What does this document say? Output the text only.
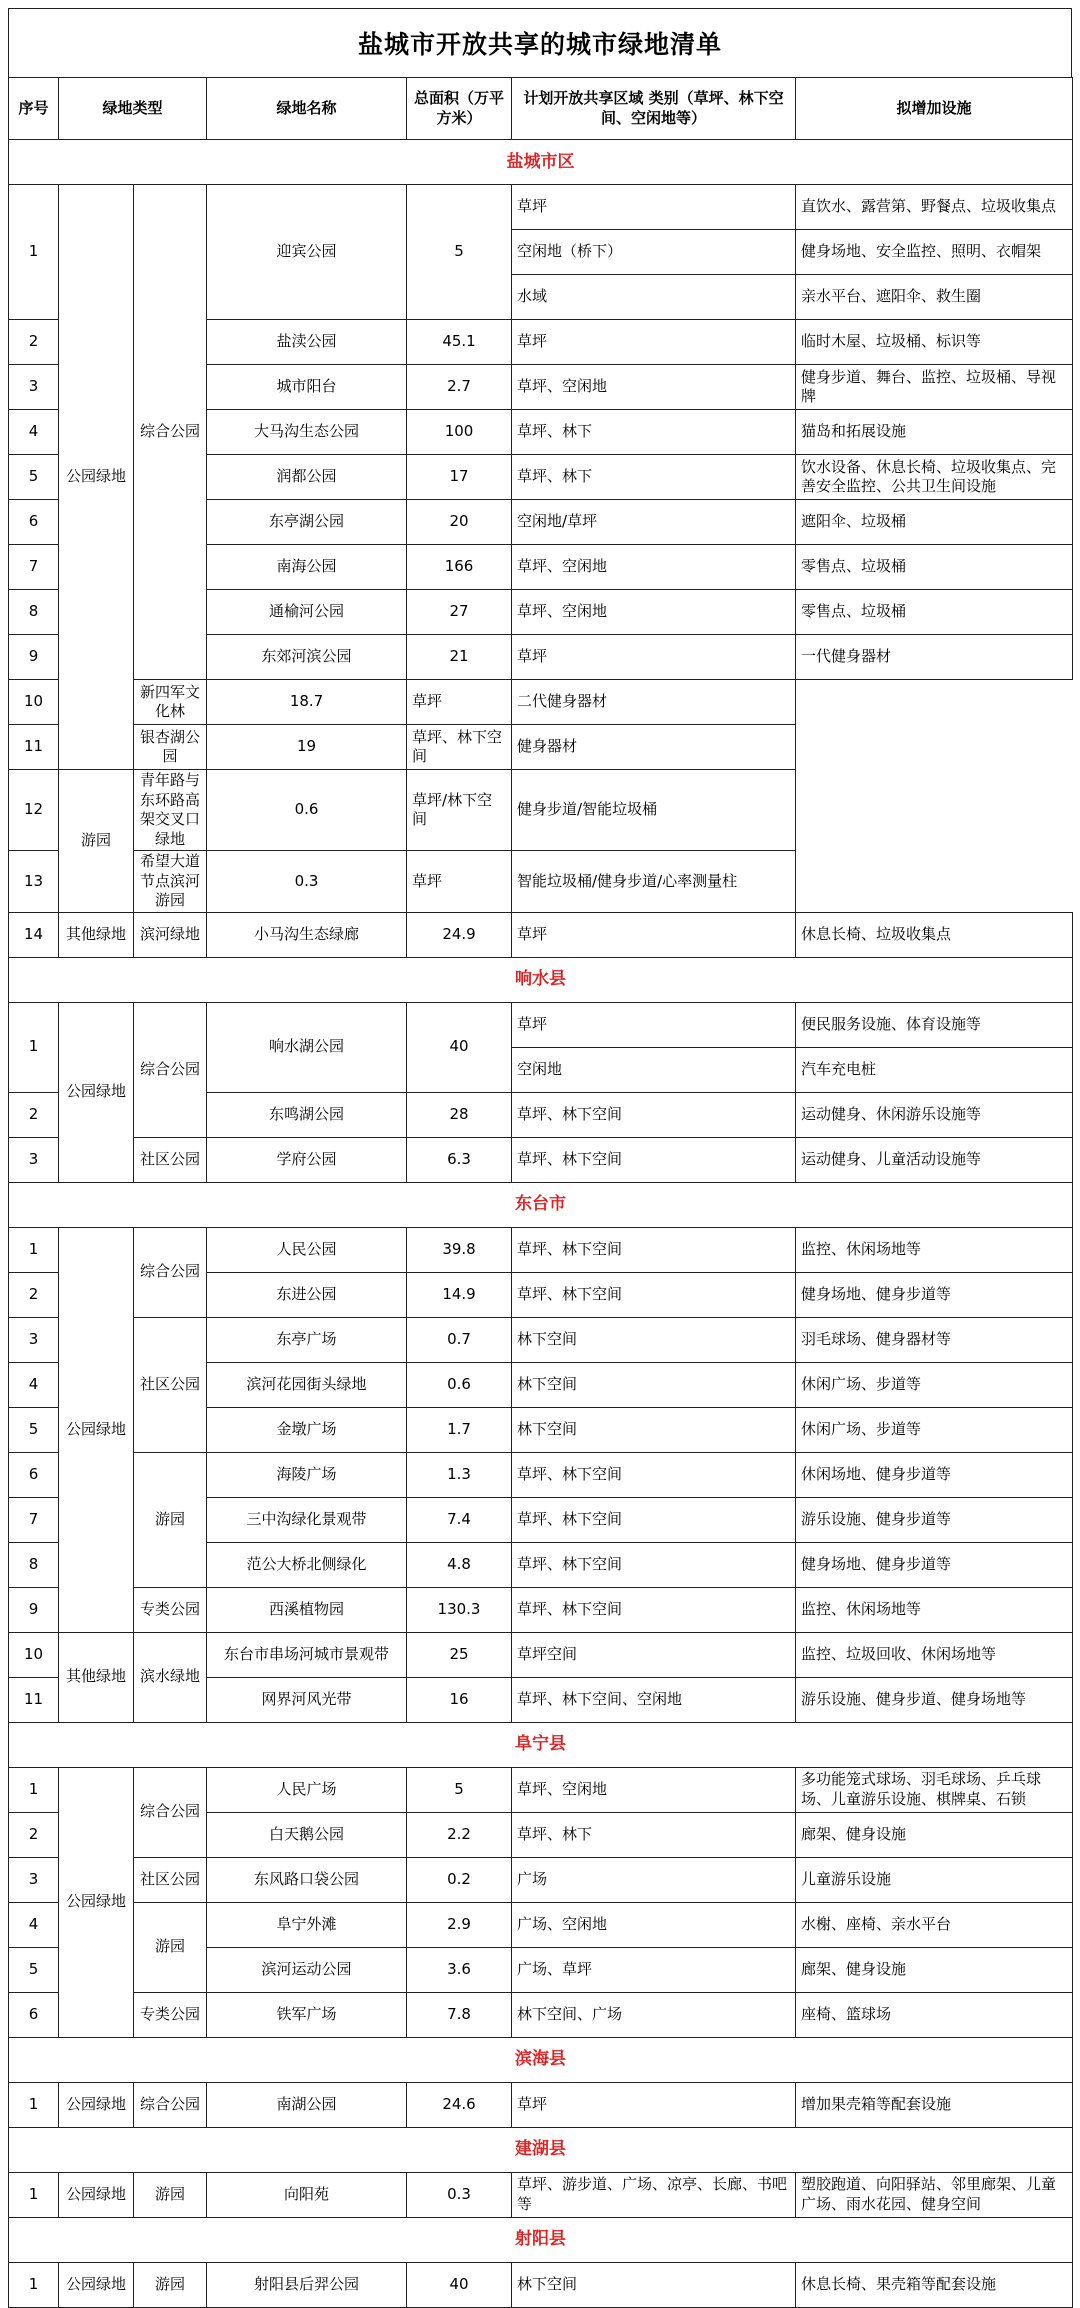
盐城市开放共享的城市绿地清单
序号	绿地类型		绿地名称	总面积（万平方米）	计划开放共享区域 类别（草坪、林下空间、空闲地等）	拟增加设施
盐城市区						
1	公园绿地	综合公园	迎宾公园	5	草坪	直饮水、露营第、野餐点、垃圾收集点
					空闲地（桥下）	健身场地、安全监控、照明、衣帽架
					水域	亲水平台、遮阳伞、救生圈
2			盐渎公园	45.1	草坪	临时木屋、垃圾桶、标识等
3			城市阳台	2.7	草坪、空闲地	健身步道、舞台、监控、垃圾桶、导视牌
4			大马沟生态公园	100	草坪、林下	猫岛和拓展设施
5			润都公园	17	草坪、林下	饮水设备、休息长椅、垃圾收集点、完善安全监控、公共卫生间设施
6			东亭湖公园	20	空闲地/草坪	遮阳伞、垃圾桶
7			南海公园	166	草坪、空闲地	零售点、垃圾桶
8			通榆河公园	27	草坪、空闲地	零售点、垃圾桶
9			东郊河滨公园	21	草坪	一代健身器材
10		新四军文化林	18.7	草坪	二代健身器材	
11		银杏湖公园	19	草坪、林下空间	健身器材	
12	游园	青年路与东环路高架交叉口绿地	0.6	草坪/林下空间	健身步道/智能垃圾桶	
13		希望大道节点滨河游园	0.3	草坪	智能垃圾桶/健身步道/心率测量柱	
14	其他绿地	滨河绿地	小马沟生态绿廊	24.9	草坪	休息长椅、垃圾收集点
响水县						
1	公园绿地	综合公园	响水湖公园	40	草坪	便民服务设施、体育设施等
					空闲地	汽车充电桩
2			东鸣湖公园	28	草坪、林下空间	运动健身、休闲游乐设施等
3		社区公园	学府公园	6.3	草坪、林下空间	运动健身、儿童活动设施等
东台市						
1	公园绿地	综合公园	人民公园	39.8	草坪、林下空间	监控、休闲场地等
2			东进公园	14.9	草坪、林下空间	健身场地、健身步道等
3		社区公园	东亭广场	0.7	林下空间	羽毛球场、健身器材等
4			滨河花园街头绿地	0.6	林下空间	休闲广场、步道等
5			金墩广场	1.7	林下空间	休闲广场、步道等
6		游园	海陵广场	1.3	草坪、林下空间	休闲场地、健身步道等
7			三中沟绿化景观带	7.4	草坪、林下空间	游乐设施、健身步道等
8			范公大桥北侧绿化	4.8	草坪、林下空间	健身场地、健身步道等
9		专类公园	西溪植物园	130.3	草坪、林下空间	监控、休闲场地等
10	其他绿地	滨水绿地	东台市串场河城市景观带	25	草坪空间	监控、垃圾回收、休闲场地等
11			网界河风光带	16	草坪、林下空间、空闲地	游乐设施、健身步道、健身场地等
阜宁县						
1	公园绿地	综合公园	人民广场	5	草坪、空闲地	多功能笼式球场、羽毛球场、乒乓球场、儿童游乐设施、棋牌桌、石锁
2			白天鹅公园	2.2	草坪、林下	廊架、健身设施
3		社区公园	东风路口袋公园	0.2	广场	儿童游乐设施
4		游园	阜宁外滩	2.9	广场、空闲地	水榭、座椅、亲水平台
5			滨河运动公园	3.6	广场、草坪	廊架、健身设施
6		专类公园	铁军广场	7.8	林下空间、广场	座椅、篮球场
滨海县						
1	公园绿地	综合公园	南湖公园	24.6	草坪	增加果壳箱等配套设施
建湖县						
1	公园绿地	游园	向阳苑	0.3	草坪、游步道、广场、凉亭、长廊、书吧等	塑胶跑道、向阳驿站、邻里廊架、儿童广场、雨水花园、健身空间
射阳县						
1	公园绿地	游园	射阳县后羿公园	40	林下空间	休息长椅、果壳箱等配套设施
